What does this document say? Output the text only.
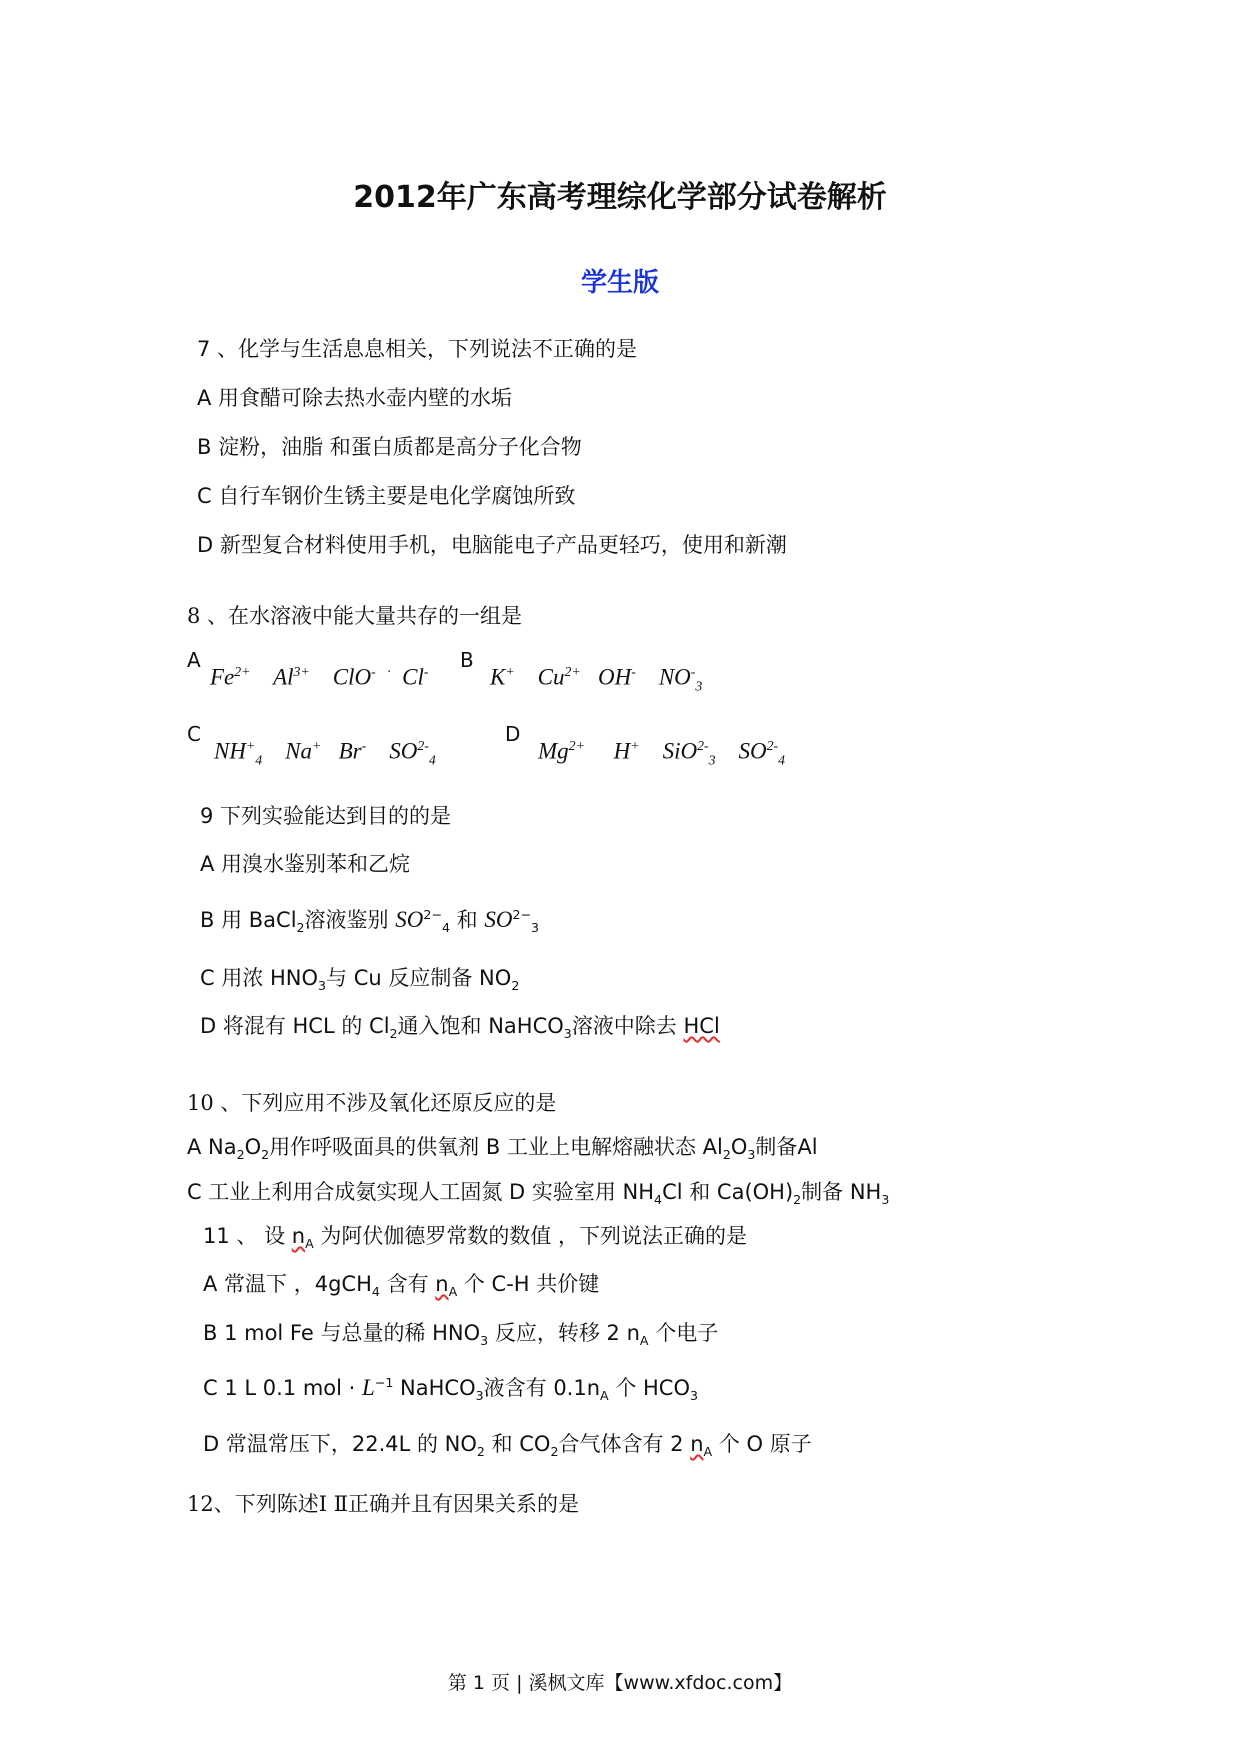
2012年广东高考理综化学部分试卷解析
学生版
7 、化学与生活息息相关，下列说法不正确的是
A 用食醋可除去热水壶内壁的水垢
B 淀粉，油脂 和蛋白质都是高分子化合物
C 自行车钢价生锈主要是电化学腐蚀所致
D 新型复合材料使用手机，电脑能电子产品更轻巧，使用和新潮
8 、在水溶液中能大量共存的一组是
A
$Fe^{2+}$ $Al^{3+}$ ClO- · Cl- B
K+ $Cu^{2+}$ OH- $NO^-_3$
C
$NH^+_4$ Na+ Br- $SO^{2-}_4$
D
$Mg^{2+}$ H+ SiO$^{2-}_3$ $SO^{2-}_4$
9 下列实验能达到目的的是
A 用溴水鉴别苯和乙烷
B 用 BaCl$_2$溶液鉴别 $SO^{2-}_4$ 和 $SO^{2-}_3$
C 用浓 $HNO_3$与 Cu 反应制备 $NO_2$
D 将混有 HCL 的 $Cl_2$通入饱和 NaHCO$_3$溶液中除去 HCl
10 、下列应用不涉及氧化还原反应的是
A $Na_2O_2$用作呼吸面具的供氧剂 B 工业上电解熔融状态 $Al_2O_3$制备Al
C 工业上利用合成氨实现人工固氮 D 实验室用 $NH_4Cl$ 和 $Ca(OH)_2$制备 $NH_3$
11 、 设 $n_A$ 为阿伏伽德罗常数的数值 ，下列说法正确的是
A 常温下 ，4gCH$_4$ 含有 $n_A$ 个 C-H 共价键
B 1 mol Fe 与总量的稀 $HNO_3$ 反应，转移 2 $n_A$ 个电子
C 1 L 0.1 mol · $L^{-1}$ NaHCO$_3$液含有 $0.1n_A$ 个 $HCO_3$
D 常温常压下，22.4L 的 $NO_2$ 和 $CO_2$合气体含有 2 $n_A$ 个 O 原子
12、下列陈述Ⅰ Ⅱ正确并且有因果关系的是
第 1 页 | 溪枫文库【www.xfdoc.com】
